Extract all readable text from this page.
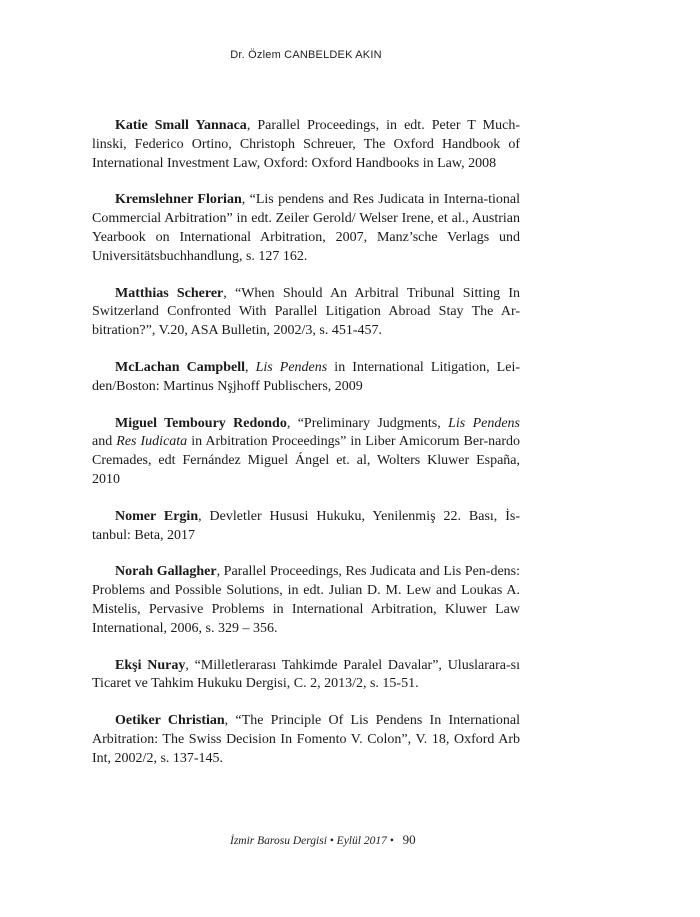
Dr. Özlem CANBELDEK AKIN

Katie Small Yannaca, Parallel Proceedings, in edt. Peter T Much-linski, Federico Ortino, Christoph Schreuer, The Oxford Handbook of International Investment Law, Oxford: Oxford Handbooks in Law, 2008

Kremslehner Florian, “Lis pendens and Res Judicata in Interna-tional Commercial Arbitration” in edt. Zeiler Gerold/ Welser Irene, et al., Austrian Yearbook on International Arbitration, 2007, Manz’sche Verlags und Universitätsbuchhandlung, s. 127 162.

Matthias Scherer, “When Should An Arbitral Tribunal Sitting In Switzerland Confronted With Parallel Litigation Abroad Stay The Ar-bitration?”, V.20, ASA Bulletin, 2002/3, s. 451-457.

McLachan Campbell, Lis Pendens in International Litigation, Lei-den/Boston: Martinus Nşjhoff Publischers, 2009

Miguel Temboury Redondo, “Preliminary Judgments, Lis Pendens and Res Iudicata in Arbitration Proceedings” in Liber Amicorum Ber-nardo Cremades, edt Fernández Miguel Ángel et. al, Wolters Kluwer España, 2010

Nomer Ergin, Devletler Hususi Hukuku, Yenilenmiş 22. Bası, İs-tanbul: Beta, 2017

Norah Gallagher, Parallel Proceedings, Res Judicata and Lis Pen-dens: Problems and Possible Solutions, in edt. Julian D. M. Lew and Loukas A. Mistelis, Pervasive Problems in International Arbitration, Kluwer Law International, 2006, s. 329 – 356.

Ekşi Nuray, “Milletlerarası Tahkimde Paralel Davalar”, Uluslarara-sı Ticaret ve Tahkim Hukuku Dergisi, C. 2, 2013/2, s. 15-51.

Oetiker Christian, “The Principle Of Lis Pendens In International Arbitration: The Swiss Decision In Fomento V. Colon”, V. 18, Oxford Arb Int, 2002/2, s. 137-145.

İzmir Barosu Dergisi • Eylül 2017 • 90
